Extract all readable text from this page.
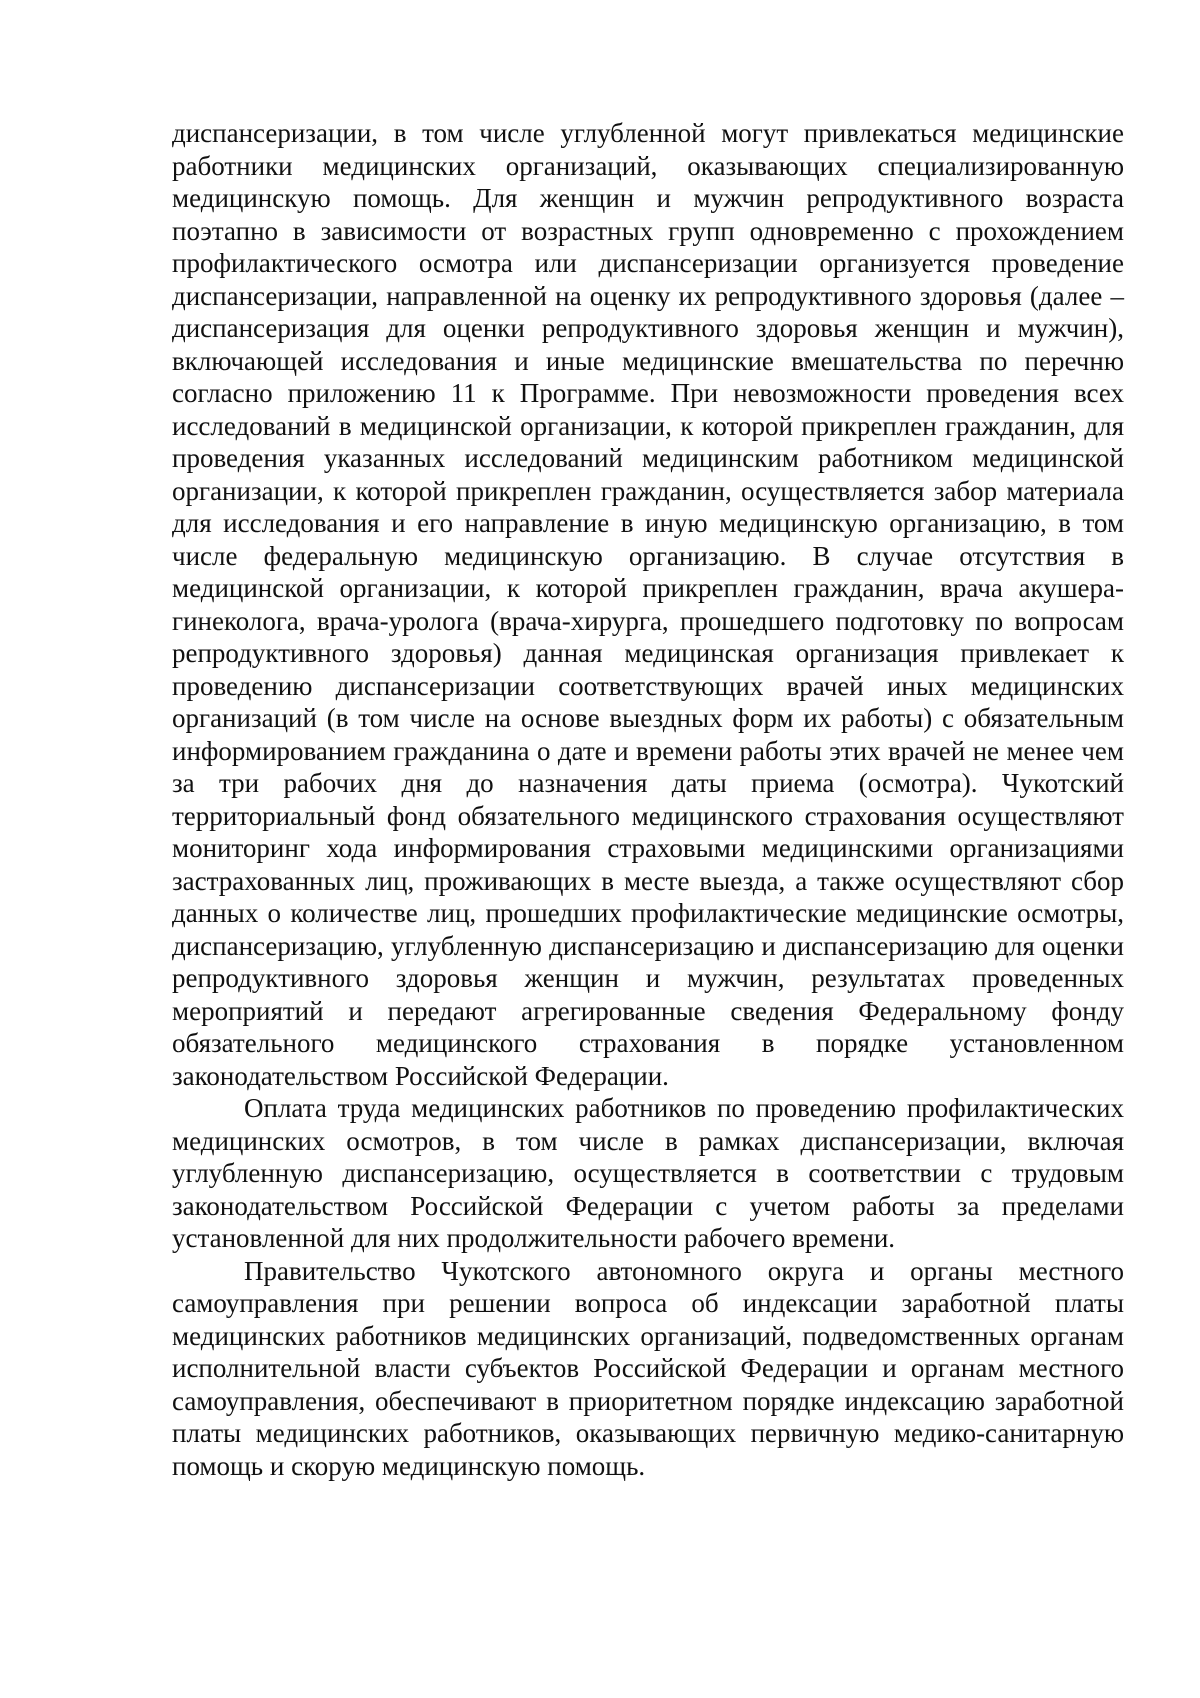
диспансеризации, в том числе углубленной могут привлекаться медицинские работники медицинских организаций, оказывающих специализированную медицинскую помощь. Для женщин и мужчин репродуктивного возраста поэтапно в зависимости от возрастных групп одновременно с прохождением профилактического осмотра или диспансеризации организуется проведение диспансеризации, направленной на оценку их репродуктивного здоровья (далее – диспансеризация для оценки репродуктивного здоровья женщин и мужчин), включающей исследования и иные медицинские вмешательства по перечню согласно приложению 11 к Программе. При невозможности проведения всех исследований в медицинской организации, к которой прикреплен гражданин, для проведения указанных исследований медицинским работником медицинской организации, к которой прикреплен гражданин, осуществляется забор материала для исследования и его направление в иную медицинскую организацию, в том числе федеральную медицинскую организацию. В случае отсутствия в медицинской организации, к которой прикреплен гражданин, врача акушера-гинеколога, врача-уролога (врача-хирурга, прошедшего подготовку по вопросам репродуктивного здоровья) данная медицинская организация привлекает к проведению диспансеризации соответствующих врачей иных медицинских организаций (в том числе на основе выездных форм их работы) с обязательным информированием гражданина о дате и времени работы этих врачей не менее чем за три рабочих дня до назначения даты приема (осмотра). Чукотский территориальный фонд обязательного медицинского страхования осуществляют мониторинг хода информирования страховыми медицинскими организациями застрахованных лиц, проживающих в месте выезда, а также осуществляют сбор данных о количестве лиц, прошедших профилактические медицинские осмотры, диспансеризацию, углубленную диспансеризацию и диспансеризацию для оценки репродуктивного здоровья женщин и мужчин, результатах проведенных мероприятий и передают агрегированные сведения Федеральному фонду обязательного медицинского страхования в порядке установленном законодательством Российской Федерации.

Оплата труда медицинских работников по проведению профилактических медицинских осмотров, в том числе в рамках диспансеризации, включая углубленную диспансеризацию, осуществляется в соответствии с трудовым законодательством Российской Федерации с учетом работы за пределами установленной для них продолжительности рабочего времени.

Правительство Чукотского автономного округа и органы местного самоуправления при решении вопроса об индексации заработной платы медицинских работников медицинских организаций, подведомственных органам исполнительной власти субъектов Российской Федерации и органам местного самоуправления, обеспечивают в приоритетном порядке индексацию заработной платы медицинских работников, оказывающих первичную медико-санитарную помощь и скорую медицинскую помощь.
